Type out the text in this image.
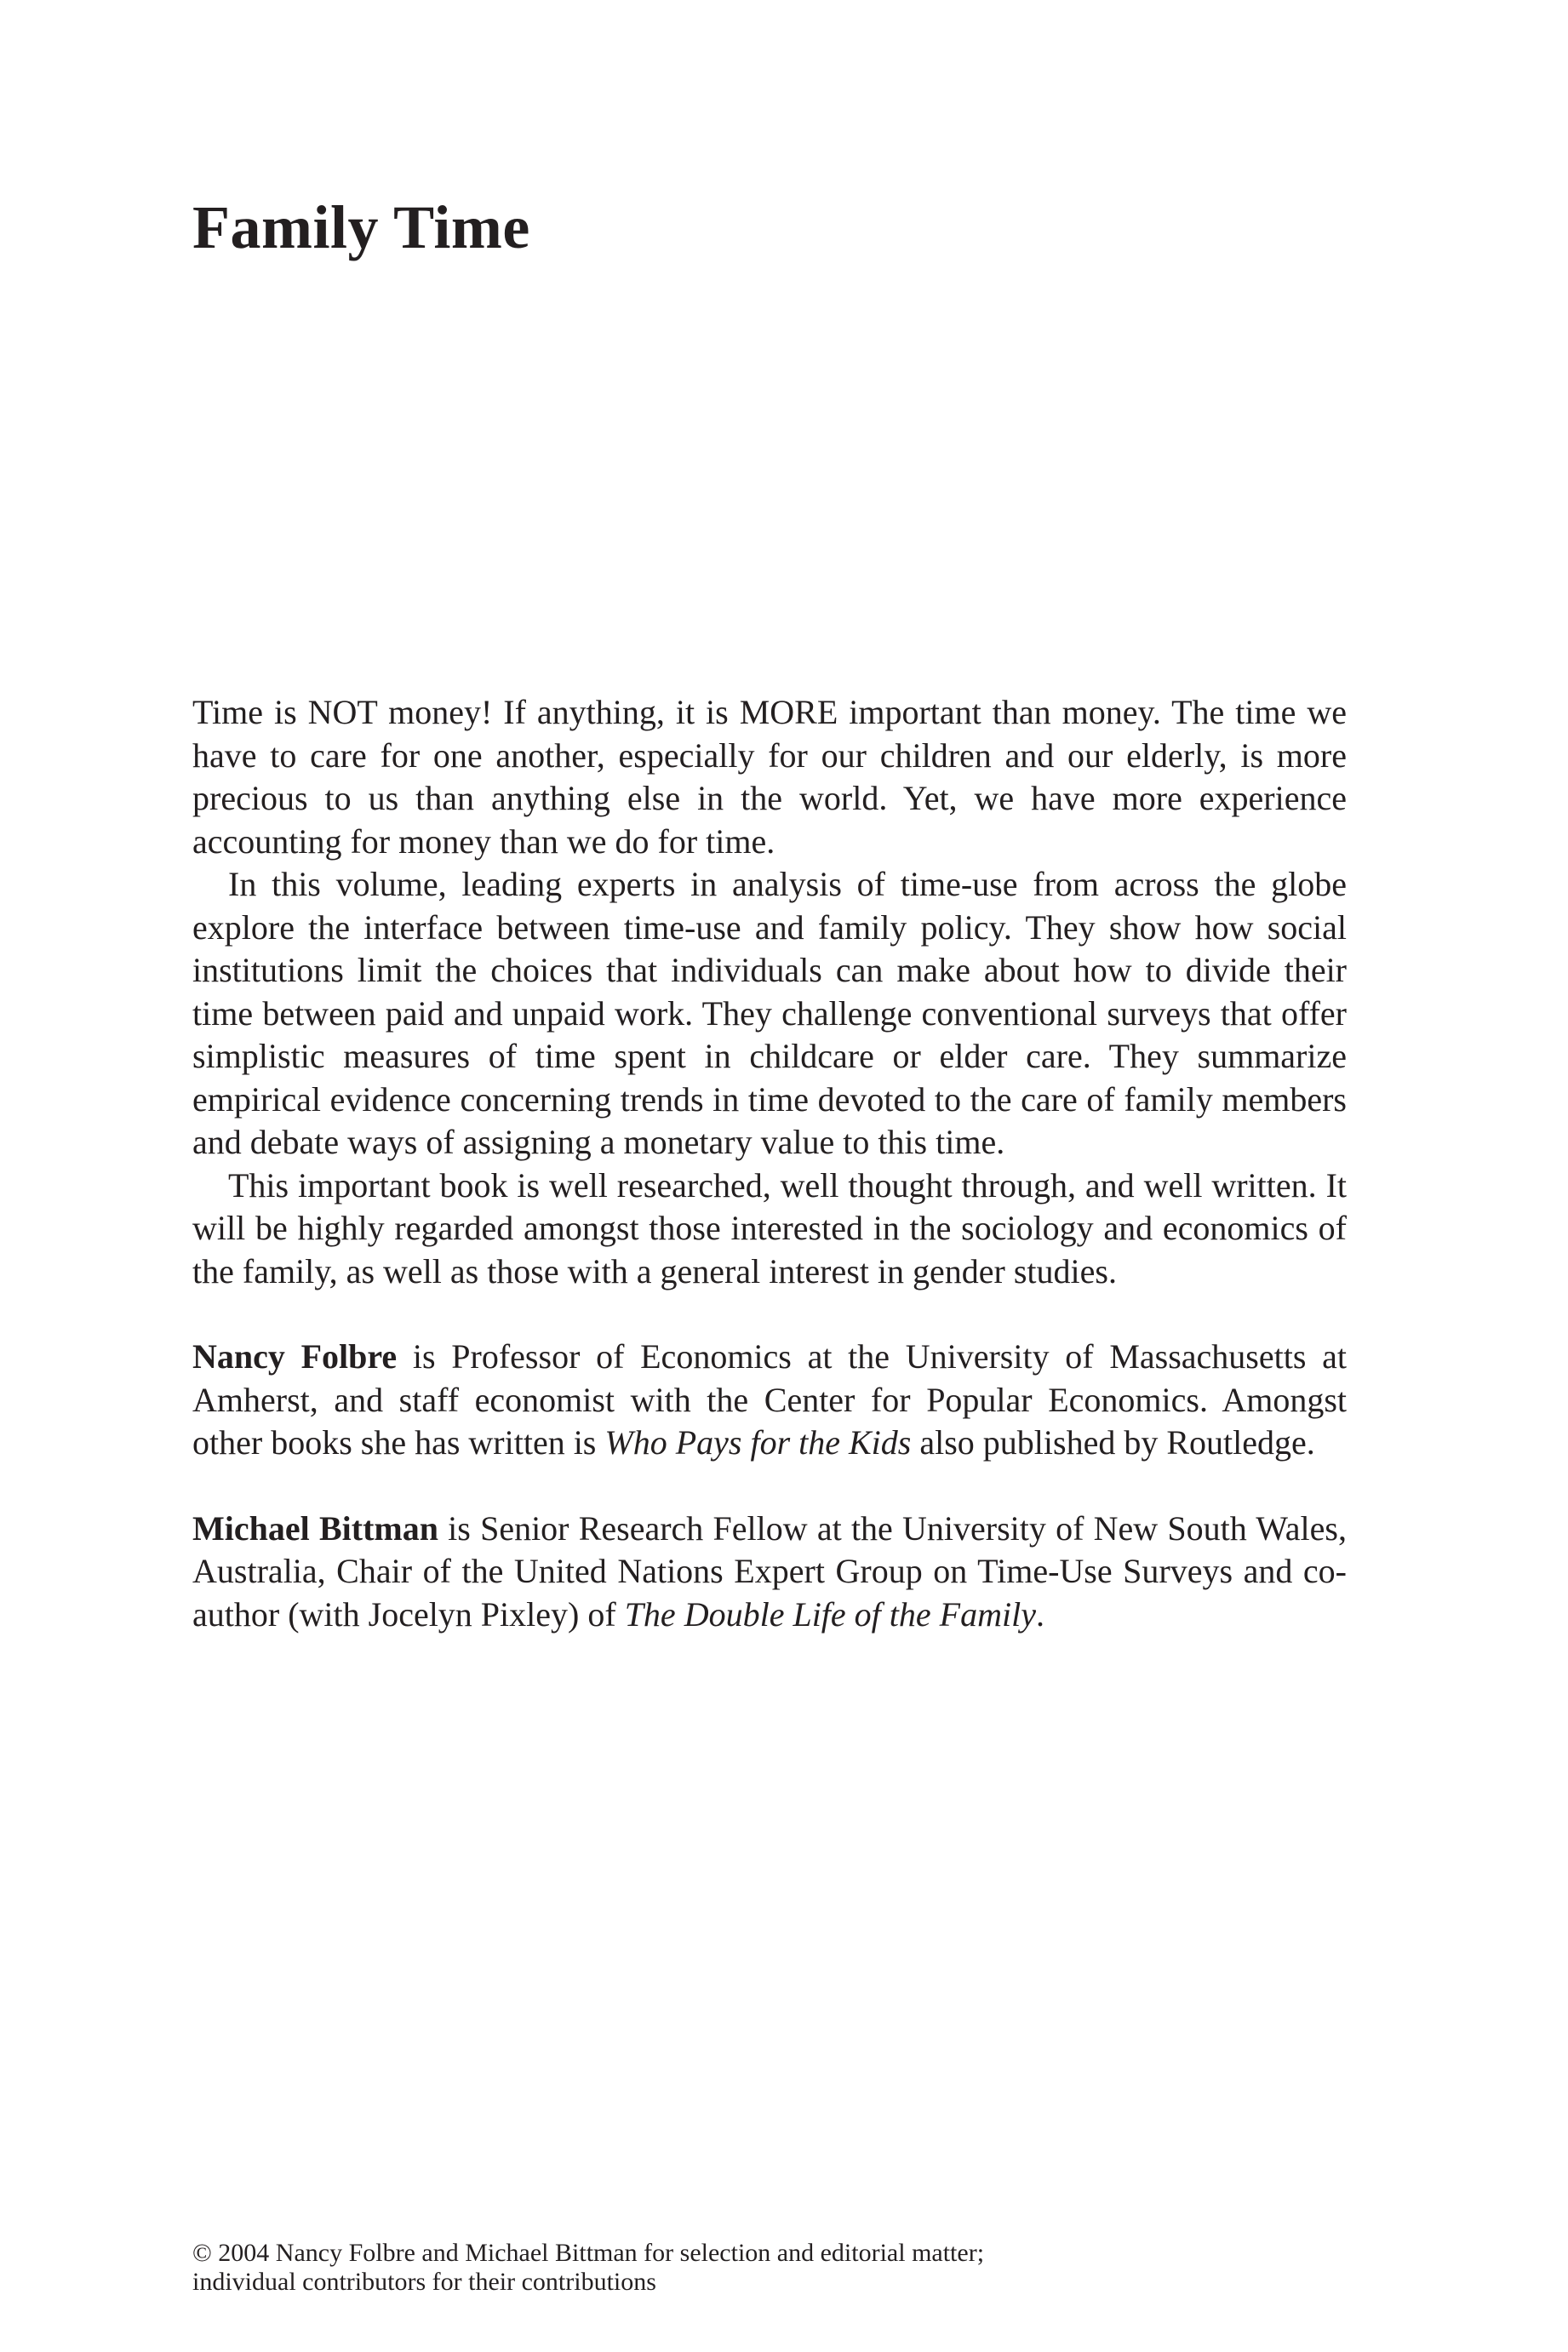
Family Time

Time is NOT money! If anything, it is MORE important than money. The time we have to care for one another, especially for our children and our elderly, is more precious to us than anything else in the world. Yet, we have more experience accounting for money than we do for time.

In this volume, leading experts in analysis of time-use from across the globe explore the interface between time-use and family policy. They show how social institutions limit the choices that individuals can make about how to divide their time between paid and unpaid work. They challenge conventional surveys that offer simplistic measures of time spent in childcare or elder care. They summarize empirical evidence concerning trends in time devoted to the care of family members and debate ways of assigning a monetary value to this time.

This important book is well researched, well thought through, and well written. It will be highly regarded amongst those interested in the sociology and economics of the family, as well as those with a general interest in gender studies.

Nancy Folbre is Professor of Economics at the University of Massachusetts at Amherst, and staff economist with the Center for Popular Economics. Amongst other books she has written is Who Pays for the Kids also published by Routledge.

Michael Bittman is Senior Research Fellow at the University of New South Wales, Australia, Chair of the United Nations Expert Group on Time-Use Surveys and co-author (with Jocelyn Pixley) of The Double Life of the Family.

© 2004 Nancy Folbre and Michael Bittman for selection and editorial matter;
individual contributors for their contributions
